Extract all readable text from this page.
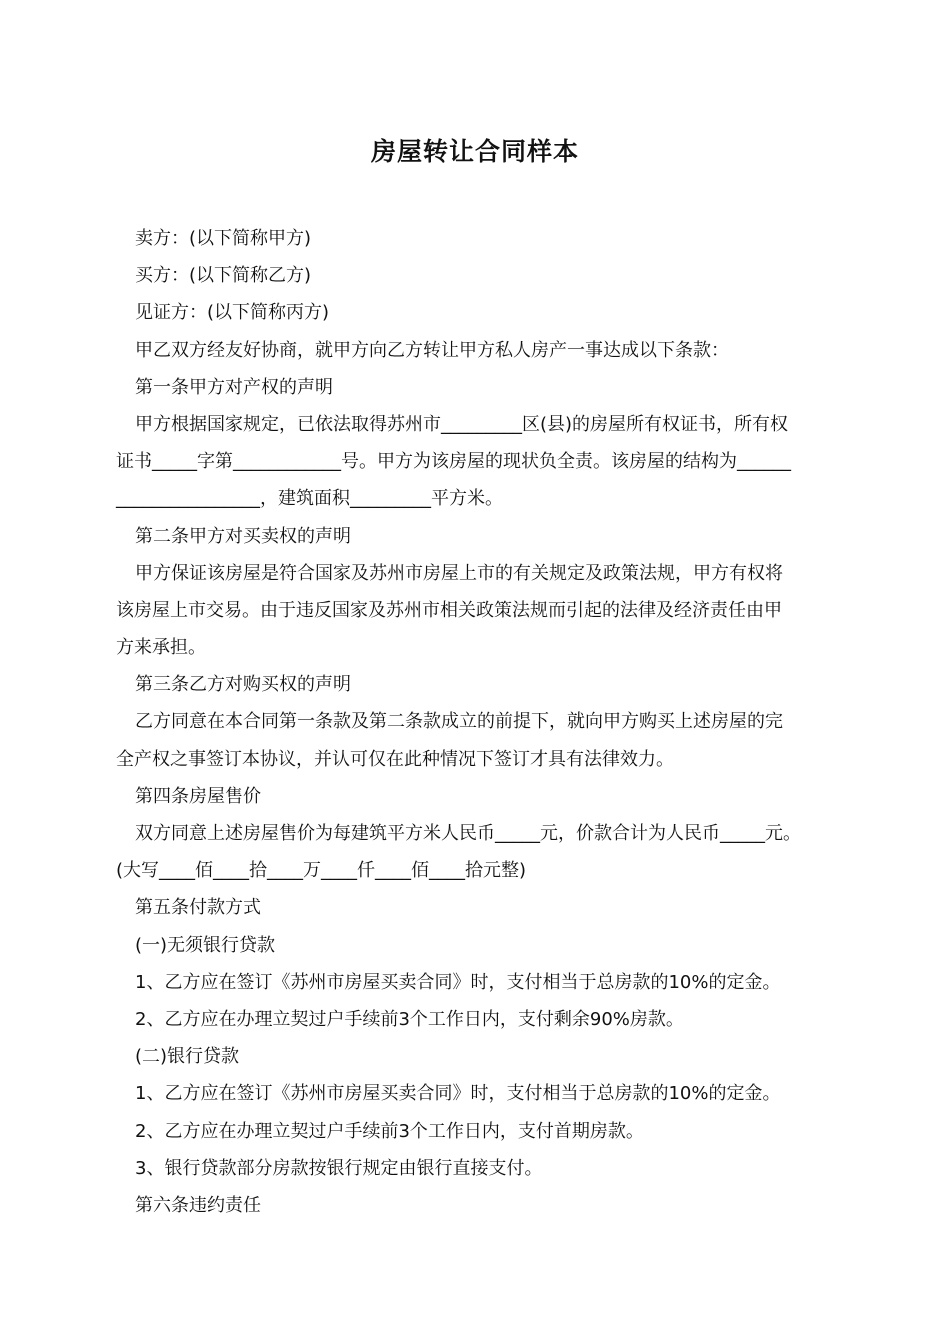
房屋转让合同样本
卖方：(以下简称甲方)
买方：(以下简称乙方)
见证方：(以下简称丙方)
甲乙双方经友好协商，就甲方向乙方转让甲方私人房产一事达成以下条款：
第一条甲方对产权的声明
甲方根据国家规定，已依法取得苏州市_________区(县)的房屋所有权证书，所有权
证书_____字第____________号。甲方为该房屋的现状负全责。该房屋的结构为______
________________，建筑面积_________平方米。
第二条甲方对买卖权的声明
甲方保证该房屋是符合国家及苏州市房屋上市的有关规定及政策法规，甲方有权将
该房屋上市交易。由于违反国家及苏州市相关政策法规而引起的法律及经济责任由甲
方来承担。
第三条乙方对购买权的声明
乙方同意在本合同第一条款及第二条款成立的前提下，就向甲方购买上述房屋的完
全产权之事签订本协议，并认可仅在此种情况下签订才具有法律效力。
第四条房屋售价
双方同意上述房屋售价为每建筑平方米人民币_____元，价款合计为人民币_____元。
(大写____佰____拾____万____仟____佰____拾元整)
第五条付款方式
(一)无须银行贷款
1、乙方应在签订《苏州市房屋买卖合同》时，支付相当于总房款的10%的定金。
2、乙方应在办理立契过户手续前3个工作日内，支付剩余90%房款。
(二)银行贷款
1、乙方应在签订《苏州市房屋买卖合同》时，支付相当于总房款的10%的定金。
2、乙方应在办理立契过户手续前3个工作日内，支付首期房款。
3、银行贷款部分房款按银行规定由银行直接支付。
第六条违约责任
